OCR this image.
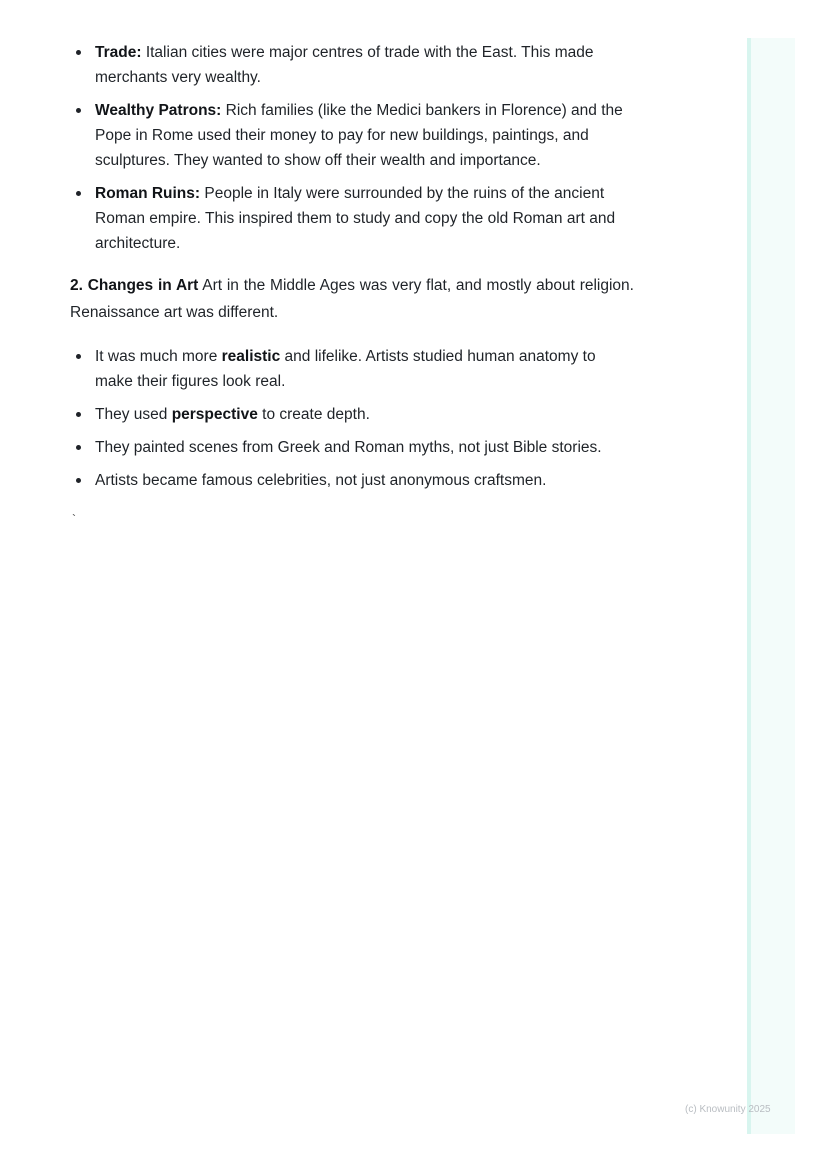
Trade: Italian cities were major centres of trade with the East. This made merchants very wealthy.
Wealthy Patrons: Rich families (like the Medici bankers in Florence) and the Pope in Rome used their money to pay for new buildings, paintings, and sculptures. They wanted to show off their wealth and importance.
Roman Ruins: People in Italy were surrounded by the ruins of the ancient Roman empire. This inspired them to study and copy the old Roman art and architecture.

2. Changes in Art Art in the Middle Ages was very flat, and mostly about religion. Renaissance art was different.

It was much more realistic and lifelike. Artists studied human anatomy to make their figures look real.
They used perspective to create depth.
They painted scenes from Greek and Roman myths, not just Bible stories.
Artists became famous celebrities, not just anonymous craftsmen.
`
(c) Knowunity 2025
